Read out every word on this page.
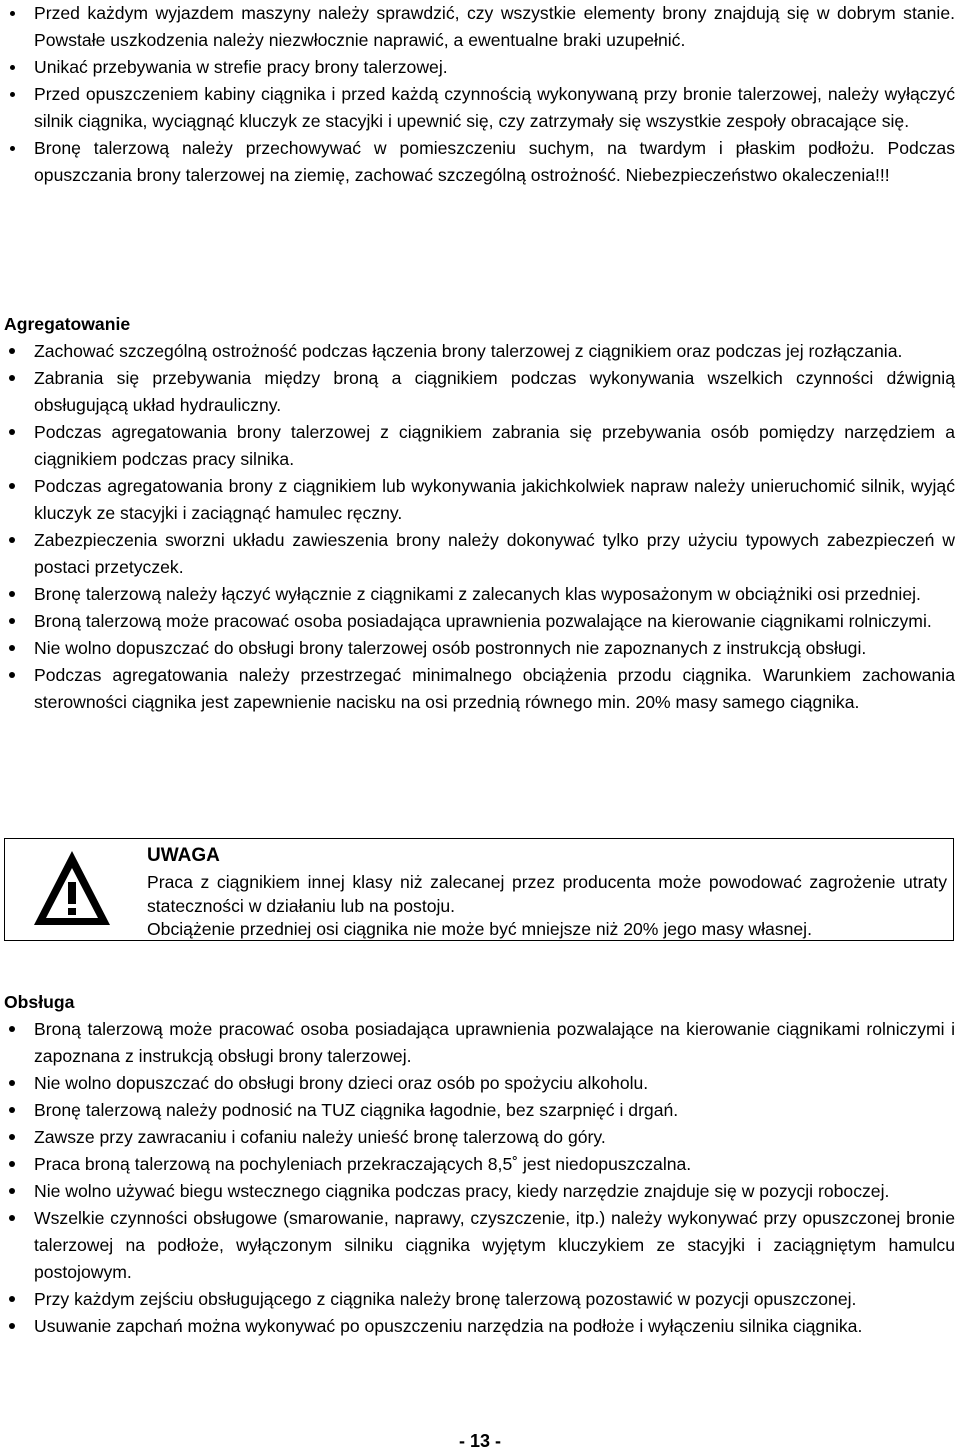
Przed każdym wyjazdem maszyny należy sprawdzić, czy wszystkie elementy brony znajdują się w dobrym stanie. Powstałe uszkodzenia należy niezwłocznie naprawić, a ewentualne braki uzupełnić.
Unikać przebywania w strefie pracy brony talerzowej.
Przed opuszczeniem kabiny ciągnika i przed każdą czynnością wykonywaną przy bronie talerzowej, należy wyłączyć silnik ciągnika, wyciągnąć kluczyk ze stacyjki i upewnić się, czy zatrzymały się wszystkie zespoły obracające się.
Bronę talerzową należy przechowywać w pomieszczeniu suchym, na twardym i płaskim podłożu. Podczas opuszczania brony talerzowej na ziemię, zachować szczególną ostrożność. Niebezpieczeństwo okaleczenia!!!
Agregatowanie
Zachować szczególną ostrożność podczas łączenia brony talerzowej z ciągnikiem oraz podczas jej rozłączania.
Zabrania się przebywania między broną a ciągnikiem podczas wykonywania wszelkich czynności dźwignią obsługującą układ hydrauliczny.
Podczas agregatowania brony talerzowej z ciągnikiem zabrania się przebywania osób pomiędzy narzędziem a ciągnikiem podczas pracy silnika.
Podczas agregatowania brony z ciągnikiem lub wykonywania jakichkolwiek napraw należy unieruchomić silnik, wyjąć kluczyk ze stacyjki i zaciągnąć hamulec ręczny.
Zabezpieczenia sworzni układu zawieszenia brony należy dokonywać tylko przy użyciu typowych zabezpieczeń w postaci przetyczek.
Bronę talerzową należy łączyć wyłącznie z ciągnikami z zalecanych klas wyposażonym w obciążniki osi przedniej.
Broną talerzową może pracować osoba posiadająca uprawnienia pozwalające na kierowanie ciągnikami rolniczymi.
Nie wolno dopuszczać do obsługi brony talerzowej osób postronnych nie zapoznanych z instrukcją obsługi.
Podczas agregatowania należy przestrzegać minimalnego obciążenia przodu ciągnika. Warunkiem zachowania sterowności ciągnika jest zapewnienie nacisku na osi przednią równego min. 20% masy samego ciągnika.
UWAGA
Praca z ciągnikiem innej klasy niż zalecanej przez producenta może powodować zagrożenie utraty stateczności w działaniu lub na postoju.
Obciążenie przedniej osi ciągnika nie może być mniejsze niż 20% jego masy własnej.
Obsługa
Broną talerzową może pracować osoba posiadająca uprawnienia pozwalające na kierowanie ciągnikami rolniczymi i zapoznana z instrukcją obsługi brony talerzowej.
Nie wolno dopuszczać do obsługi brony dzieci oraz osób po spożyciu alkoholu.
Bronę talerzową należy podnosić na TUZ ciągnika łagodnie, bez szarpnięć i drgań.
Zawsze przy zawracaniu i cofaniu należy unieść bronę talerzową do góry.
Praca broną talerzową na pochyleniach przekraczających 8,5˚ jest niedopuszczalna.
Nie wolno używać biegu wstecznego ciągnika podczas pracy, kiedy narzędzie znajduje się w pozycji roboczej.
Wszelkie czynności obsługowe (smarowanie, naprawy, czyszczenie, itp.) należy wykonywać przy opuszczonej bronie talerzowej na podłoże, wyłączonym silniku ciągnika wyjętym kluczykiem ze stacyjki i zaciągniętym hamulcu postojowym.
Przy każdym zejściu obsługującego z ciągnika należy bronę talerzową pozostawić w pozycji opuszczonej.
Usuwanie zapchań można wykonywać po opuszczeniu narzędzia na podłoże i wyłączeniu silnika ciągnika.
- 13 -
